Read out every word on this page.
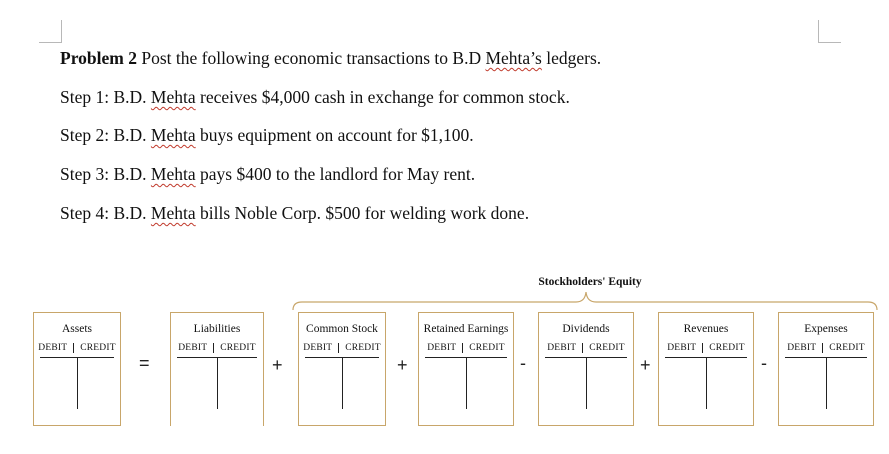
Problem 2 Post the following economic transactions to B.D Mehta’s ledgers.

Step 1: B.D. Mehta receives $4,000 cash in exchange for common stock.

Step 2: B.D. Mehta buys equipment on account for $1,100.

Step 3: B.D. Mehta pays $400 to the landlord for May rent.

Step 4: B.D. Mehta bills Noble Corp. $500 for welding work done.

Stockholders' Equity
Assets
DEBIT	CREDIT
Liabilities
DEBIT	CREDIT
Common Stock
DEBIT	CREDIT
Retained Earnings
DEBIT	CREDIT
Dividends
DEBIT	CREDIT
Revenues
DEBIT	CREDIT
Expenses
DEBIT	CREDIT
=	+	+	-	+	-
